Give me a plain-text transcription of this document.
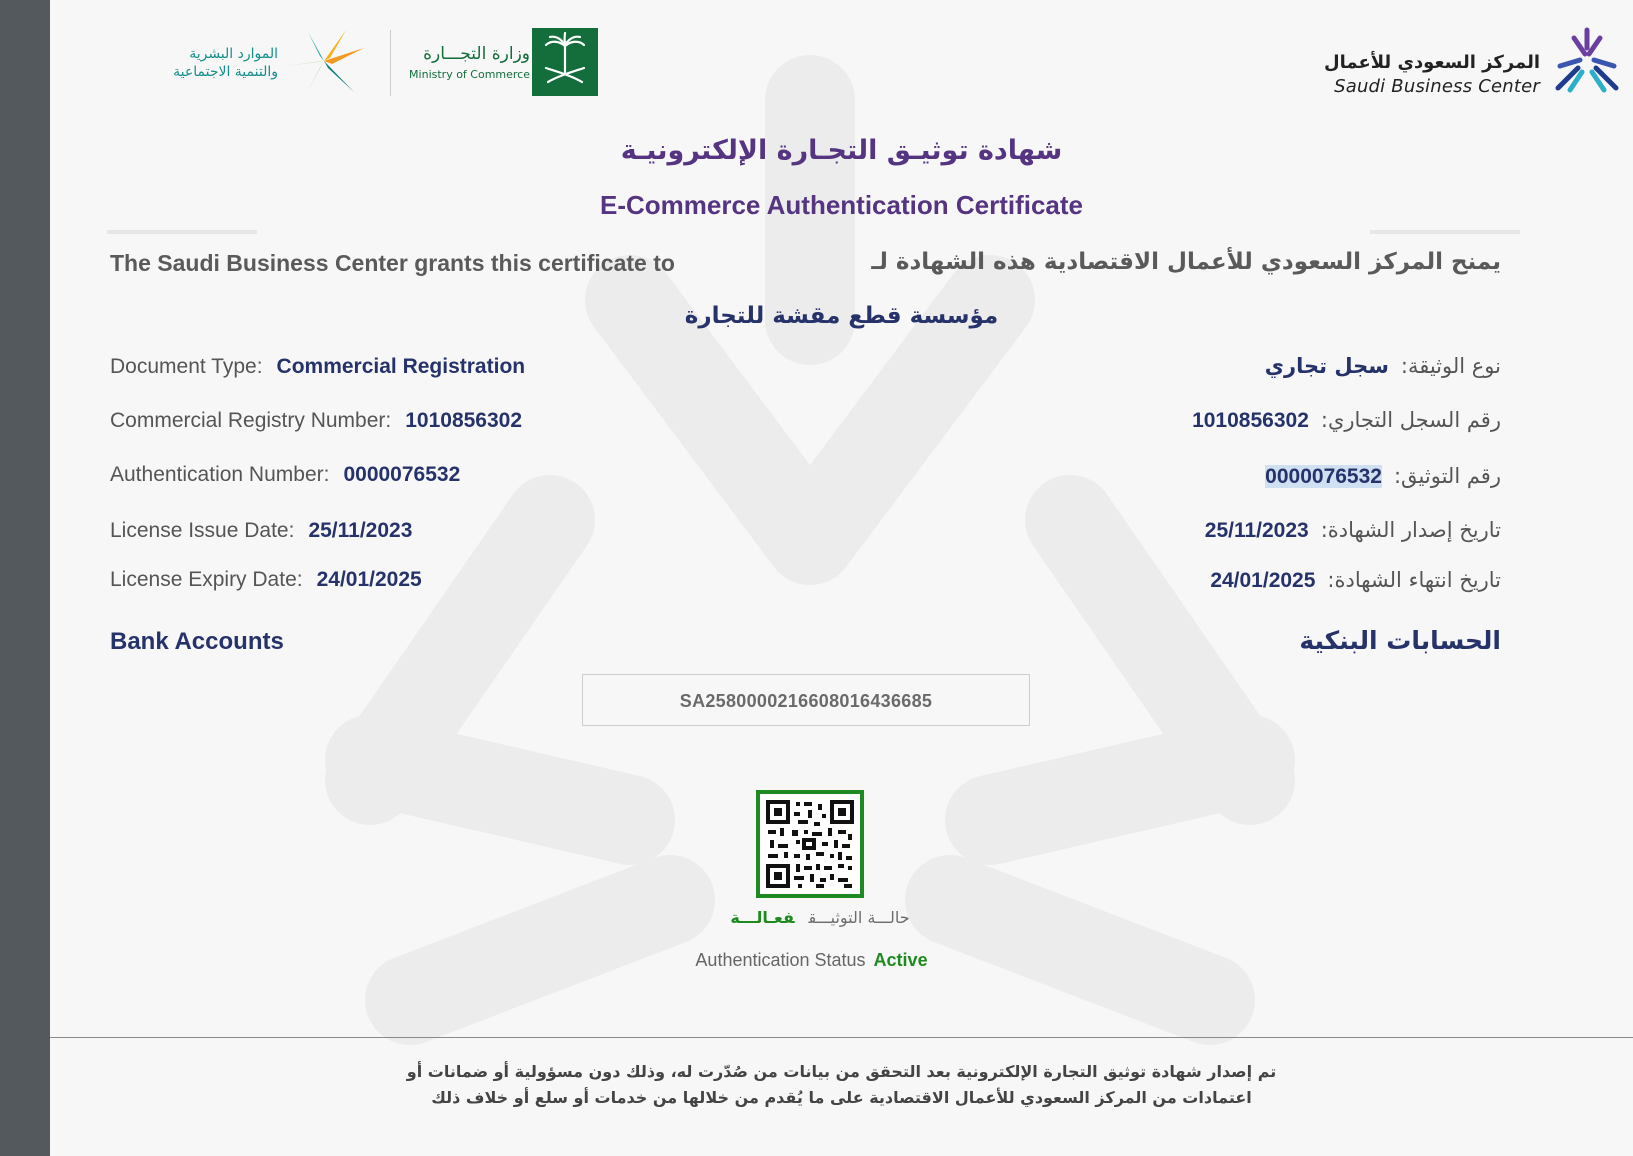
المركز السعودي للأعمال
Saudi Business Center
وزارة التجـــارة
Ministry of Commerce
الموارد البشرية
والتنمية الاجتماعية
شهادة توثيـق التجـارة الإلكترونيـة
E-Commerce Authentication Certificate
The Saudi Business Center grants this certificate to	يمنح المركز السعودي للأعمال الاقتصادية هذه الشهادة لـ
مؤسسة قطع مقشة للتجارة
Document Type: Commercial Registration
Commercial Registry Number: 1010856302
Authentication Number: 0000076532
License Issue Date: 25/11/2023
License Expiry Date: 24/01/2025
نوع الوثيقة:سجل تجاري
رقم السجل التجاري:1010856302
رقم التوثيق:0000076532
تاريخ إصدار الشهادة:25/11/2023
تاريخ انتهاء الشهادة:24/01/2025
Bank Accounts	الحسابات البنكية
SA2580000216608016436685
حالـــة التوثيـــقفعـالـــة
Authentication Status Active
تم إصدار شهادة توثيق التجارة الإلكترونية بعد التحقق من بيانات من صُدّرت له، وذلك دون مسؤولية أو ضمانات أو
اعتمادات من المركز السعودي للأعمال الاقتصادية على ما يُقدم من خلالها من خدمات أو سلع أو خلاف ذلك
